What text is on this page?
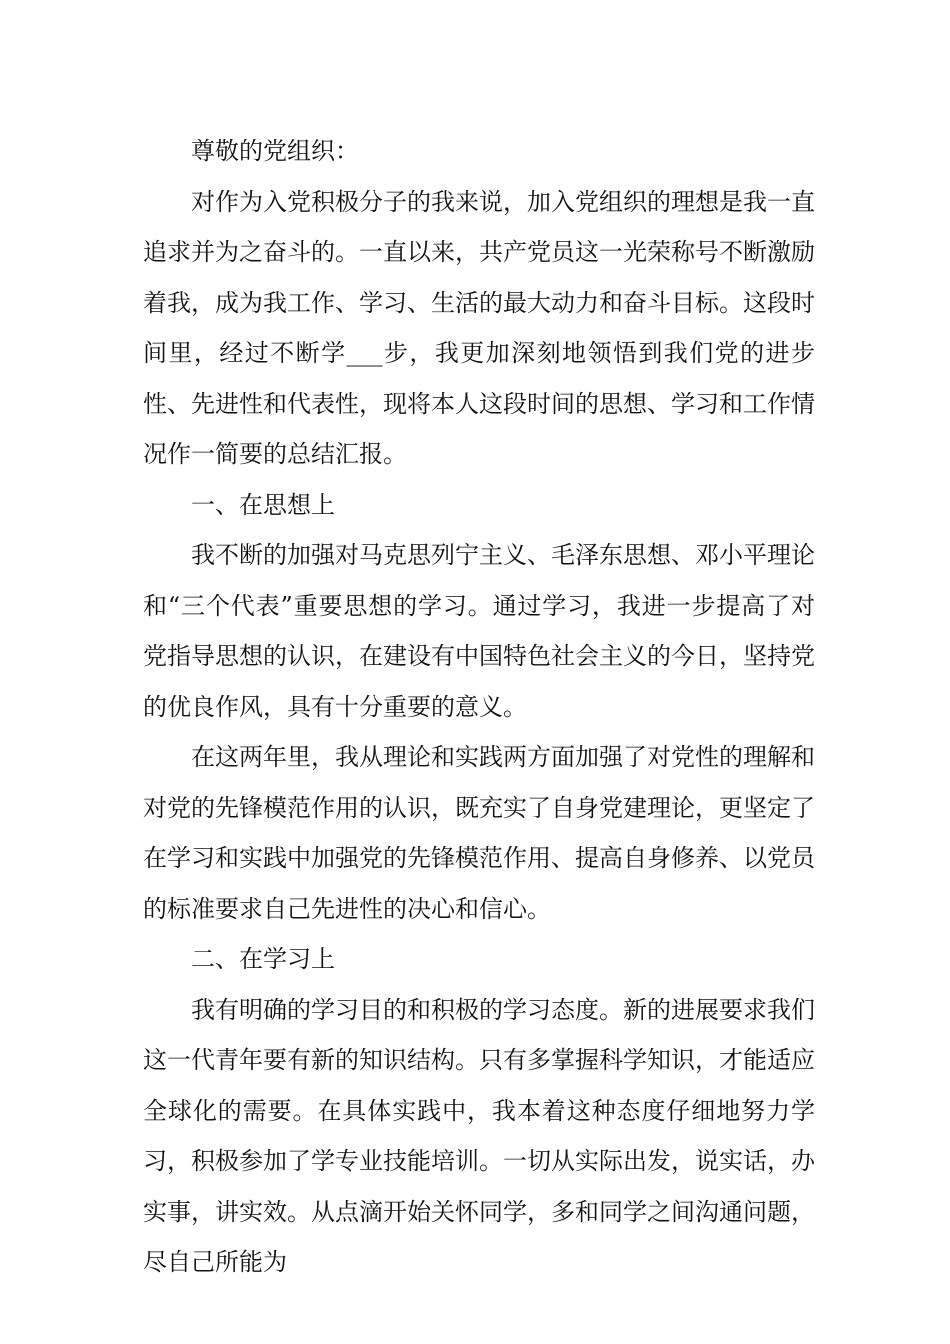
尊敬的党组织：

对作为入党积极分子的我来说，加入党组织的理想是我一直追求并为之奋斗的。一直以来，共产党员这一光荣称号不断激励着我，成为我工作、学习、生活的最大动力和奋斗目标。这段时间里，经过不断学___步，我更加深刻地领悟到我们党的进步性、先进性和代表性，现将本人这段时间的思想、学习和工作情况作一简要的总结汇报。

一、在思想上

我不断的加强对马克思列宁主义、毛泽东思想、邓小平理论和“三个代表”重要思想的学习。通过学习，我进一步提高了对党指导思想的认识，在建设有中国特色社会主义的今日，坚持党的优良作风，具有十分重要的意义。

在这两年里，我从理论和实践两方面加强了对党性的理解和对党的先锋模范作用的认识，既充实了自身党建理论，更坚定了在学习和实践中加强党的先锋模范作用、提高自身修养、以党员的标准要求自己先进性的决心和信心。

二、在学习上

我有明确的学习目的和积极的学习态度。新的进展要求我们这一代青年要有新的知识结构。只有多掌握科学知识，才能适应全球化的需要。在具体实践中，我本着这种态度仔细地努力学习，积极参加了学专业技能培训。一切从实际出发，说实话，办实事，讲实效。从点滴开始关怀同学，多和同学之间沟通问题，尽自己所能为
